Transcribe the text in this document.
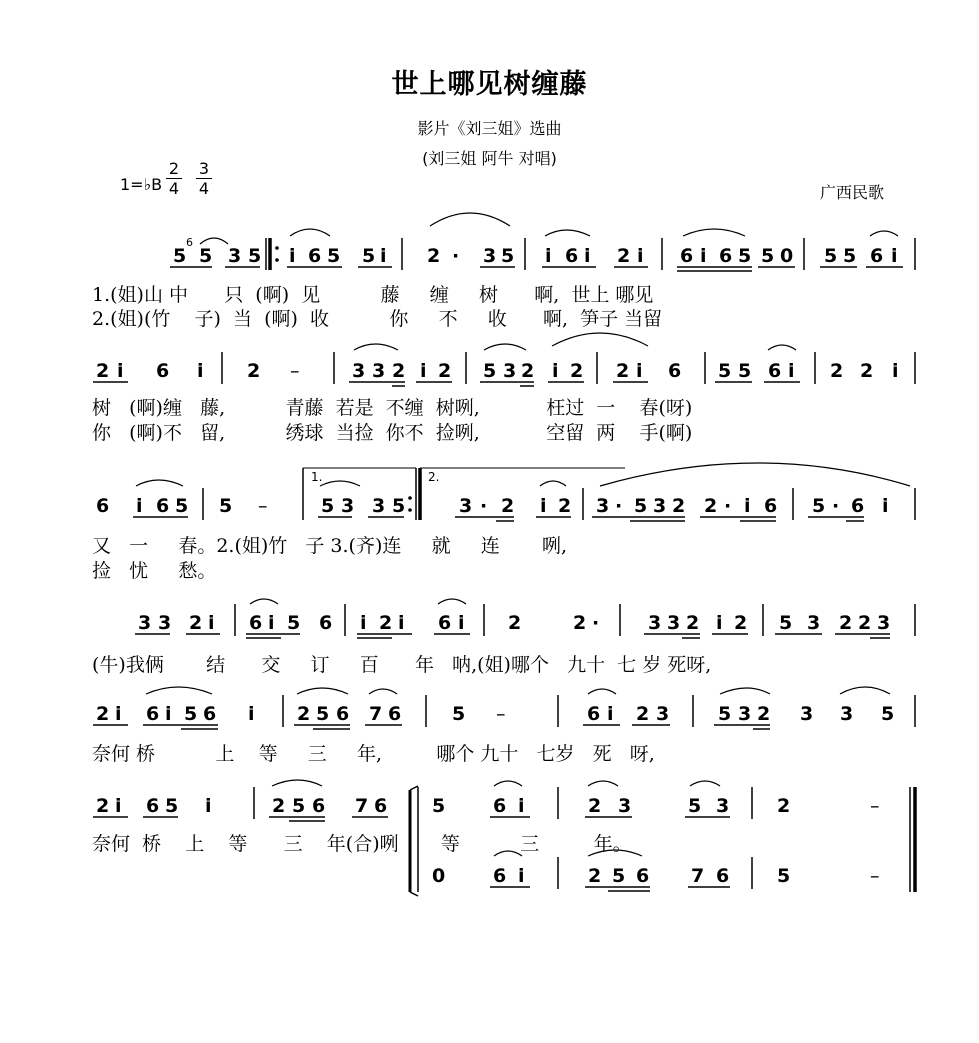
世上哪见树缠藤
影片《刘三姐》选曲
(刘三姐 阿牛 对唱)
1=♭B $\frac{2}{4} \frac{3}{4}$	广西民歌
5
6
5 3 5 i 6 5 5 i 2 · 3 5 i 6 i 2 i 6 i 6 5 5 0 5 5 6 i
2 i 6 i 2 –	3 3 2 i 2 5 3 2 i 2 2 i 6 5 5 6 i 2 2 i
6 i 6 5 5 –
1.
5 3 3 5
2.
3 · 2 i 2 3 · 5 3 2 2 · i 6 5 · 6 i
3 3 2 i 6 i 5 6 i 2 i 6 i 2	2 ·	3 3 2 i 2 5 3 2 2 3
2 i 6 i 5 6 i 2 5 6 7 6	5 –	6 i 2 3	5 3 2 3 3 5
2 i 6 5 i	2 5 6 7 6 5	6 i	2 3	5 3	2	–
0	6 i	2 5 6 7 6	5	–
1.(姐)山 中      只  (啊)  见          藤     缠     树      啊,  世上 哪见
2.(姐)(竹    子)  当  (啊)  收          你     不     收      啊,  笋子 当留
树   (啊)缠   藤,          青藤  若是  不缠  树咧,           枉过  一    春(呀)
你   (啊)不   留,          绣球  当捡  你不  捡咧,           空留  两    手(啊)
又   一     春。2.(姐)竹   子 3.(齐)连     就     连       咧,
捡   忧     愁。
(牛)我俩       结      交     订     百      年   呐,(姐)哪个   九十  七 岁 死呀,
奈何 桥          上    等     三     年,         哪个 九十   七岁   死   呀,
奈何  桥    上    等      三    年(合)咧       等          三         年。
